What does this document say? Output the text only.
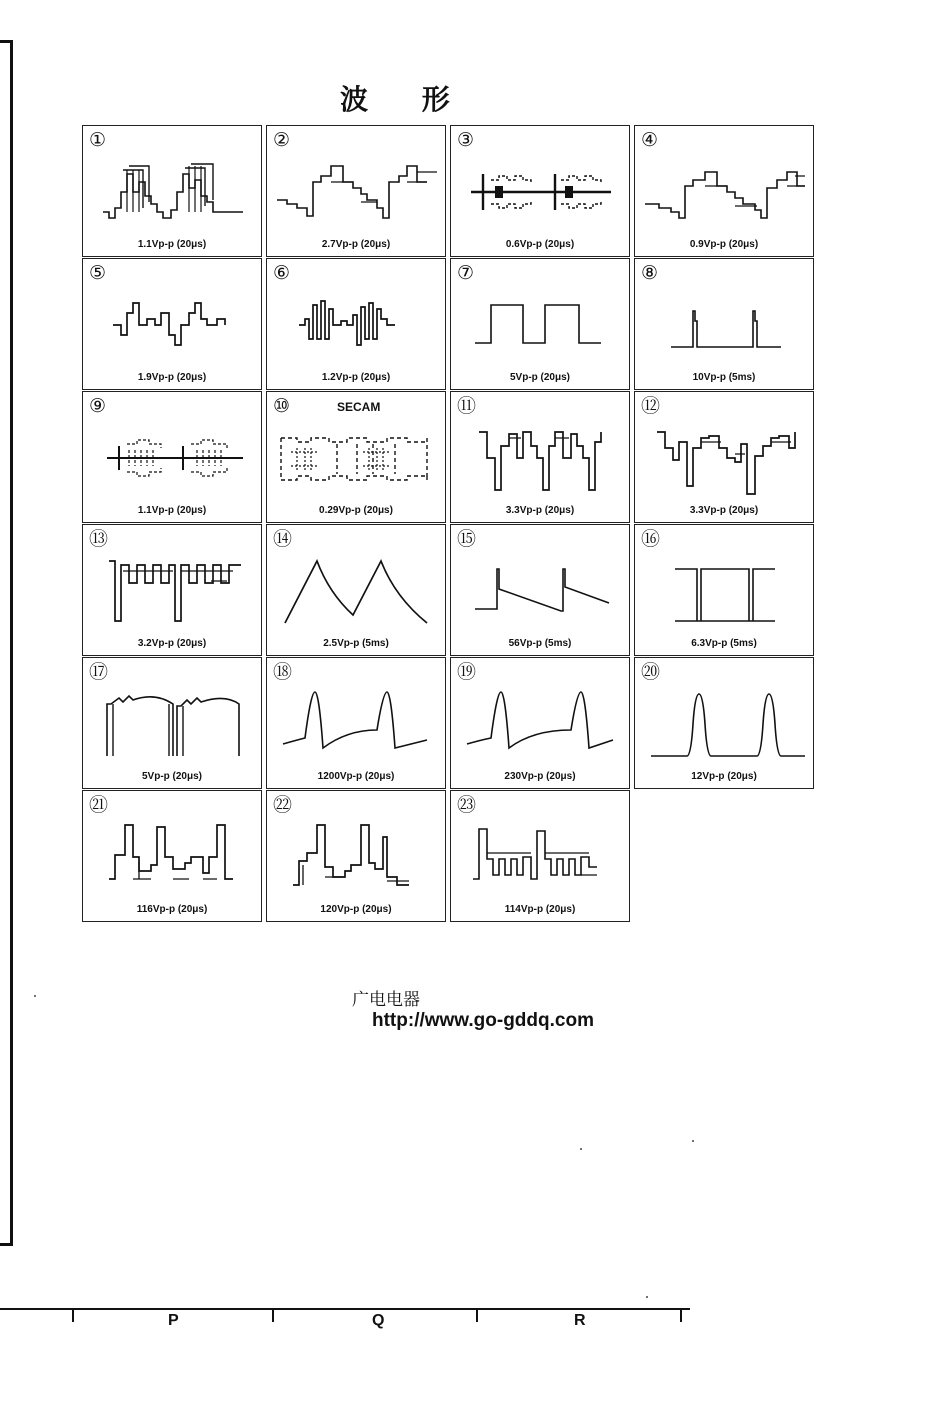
波 形
①
1.1Vp-p (20μs)
②
2.7Vp-p (20μs)
③
0.6Vp-p (20μs)
④
0.9Vp-p (20μs)
⑤
1.9Vp-p (20μs)
⑥
1.2Vp-p (20μs)
⑦
5Vp-p (20μs)
⑧
10Vp-p (5ms)
⑨
1.1Vp-p (20μs)
⑩	SECAM
0.29Vp-p (20μs)
⑪
3.3Vp-p (20μs)
⑫
3.3Vp-p (20μs)
⑬
3.2Vp-p (20μs)
⑭
2.5Vp-p (5ms)
⑮
56Vp-p (5ms)
⑯
6.3Vp-p (5ms)
⑰
5Vp-p (20μs)
⑱
1200Vp-p (20μs)
⑲
230Vp-p (20μs)
⑳
12Vp-p (20μs)
㉑
116Vp-p (20μs)
㉒
120Vp-p (20μs)
㉓
114Vp-p (20μs)
广电电器
http://www.go-gddq.com
P	Q	R
